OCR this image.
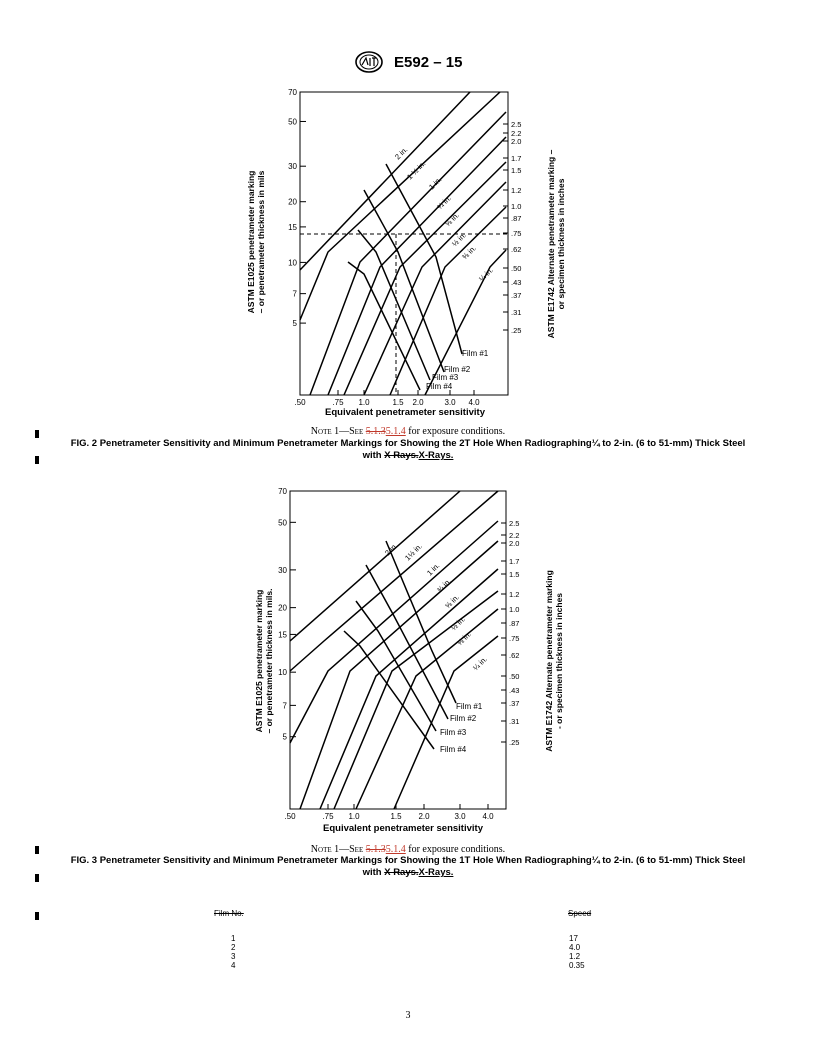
E592 – 15
70
50
30
20
15
10
7
5
2.5
2.2
2.0
1.7
1.5
1.2
1.0
.87
.75
.62
.50
.43
.37
.31
.25
.50	.75 1.0	1.5 2.0	3.0 4.0
2 in.
1 ½ in.
1 in.
¾ in.
⅝ in.
½ in.
⅜ in.
¼ in.
Film #1
Film #2
Film #3
Film #4
Equivalent penetrameter sensitivity
ASTM E1025 penetrameter marking– or penetrameter thickness in mils	ASTM E1742 Alternate penetrameter marking –or specimen thickness in inches
Note 1—See 5.1.35.1.4 for exposure conditions.
FIG. 2 Penetrameter Sensitivity and Minimum Penetrameter Markings for Showing the 2T Hole When Radiographing¼ to 2-in. (6 to 51-mm) Thick Steel with X Rays.X-Rays.
70
50
30
20
15
10
7
5
2.5
2.2
2.0
1.7
1.5
1.2
1.0
.87
.75
.62
.50
.43
.37
.31
.25
.50	.75 1.0	1.5 2.0	3.0 4.0
2 in. 1½ in.
1 in.
¾ in.
⅝ in.
½ in.
⅜ in.
¼ in.
Film #1
Film #2
Film #3
Film #4
Equivalent penetrameter sensitivity
ASTM E1025 penetrameter marking– or penetrameter thickness in mils.	ASTM E1742 Alternate penetrameter marking- or specimen thickness in inches
Note 1—See 5.1.35.1.4 for exposure conditions.
FIG. 3 Penetrameter Sensitivity and Minimum Penetrameter Markings for Showing the 1T Hole When Radiographing¼ to 2-in. (6 to 51-mm) Thick Steel with X Rays.X-Rays.
Film No.	Speed
1	17
2	4.0
3	1.2
4	0.35
3
